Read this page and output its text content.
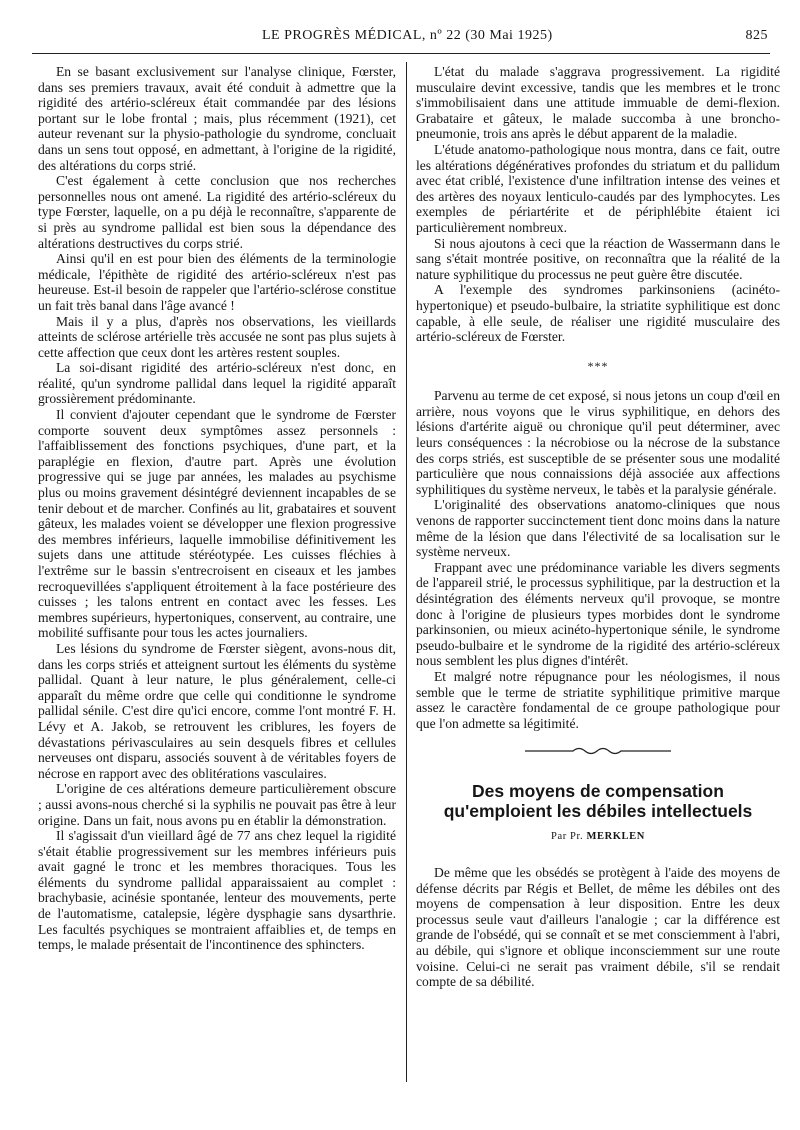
LE PROGRÈS MÉDICAL, nº 22 (30 Mai 1925)	825

En se basant exclusivement sur l'analyse clinique, Fœrster, dans ses premiers travaux, avait été conduit à admettre que la rigidité des artério-scléreux était commandée par des lésions portant sur le lobe frontal ; mais, plus récemment (1921), cet auteur revenant sur la physio-pathologie du syndrome, concluait dans un sens tout opposé, en admettant, à l'origine de la rigidité, des altérations du corps strié.

C'est également à cette conclusion que nos recherches personnelles nous ont amené. La rigidité des artério-scléreux du type Fœrster, laquelle, on a pu déjà le reconnaître, s'apparente de si près au syndrome pallidal est bien sous la dépendance des altérations destructives du corps strié.

Ainsi qu'il en est pour bien des éléments de la terminologie médicale, l'épithète de rigidité des artério-scléreux n'est pas heureuse. Est-il besoin de rappeler que l'artério-sclérose constitue un fait très banal dans l'âge avancé !

Mais il y a plus, d'après nos observations, les vieillards atteints de sclérose artérielle très accusée ne sont pas plus sujets à cette affection que ceux dont les artères restent souples.

La soi-disant rigidité des artério-scléreux n'est donc, en réalité, qu'un syndrome pallidal dans lequel la rigidité apparaît grossièrement prédominante.

Il convient d'ajouter cependant que le syndrome de Fœrster comporte souvent deux symptômes assez personnels : l'affaiblissement des fonctions psychiques, d'une part, et la paraplégie en flexion, d'autre part. Après une évolution progressive qui se juge par années, les malades au psychisme plus ou moins gravement désintégré deviennent incapables de se tenir debout et de marcher. Confinés au lit, grabataires et souvent gâteux, les malades voient se développer une flexion progressive des membres inférieurs, laquelle immobilise définitivement les sujets dans une attitude stéréotypée. Les cuisses fléchies à l'extrême sur le bassin s'entrecroisent en ciseaux et les jambes recroquevillées s'appliquent étroitement à la face postérieure des cuisses ; les talons entrent en contact avec les fesses. Les membres supérieurs, hypertoniques, conservent, au contraire, une mobilité suffisante pour tous les actes journaliers.

Les lésions du syndrome de Fœrster siègent, avons-nous dit, dans les corps striés et atteignent surtout les éléments du système pallidal. Quant à leur nature, le plus généralement, celle-ci apparaît du même ordre que celle qui conditionne le syndrome pallidal sénile. C'est dire qu'ici encore, comme l'ont montré F. H. Lévy et A. Jakob, se retrouvent les criblures, les foyers de dévastations périvasculaires au sein desquels fibres et cellules nerveuses ont disparu, associés souvent à de véritables foyers de nécrose en rapport avec des oblitérations vasculaires.

L'origine de ces altérations demeure particulièrement obscure ; aussi avons-nous cherché si la syphilis ne pouvait pas être à leur origine. Dans un fait, nous avons pu en établir la démonstration.

Il s'agissait d'un vieillard âgé de 77 ans chez lequel la rigidité s'était établie progressivement sur les membres inférieurs puis avait gagné le tronc et les membres thoraciques. Tous les éléments du syndrome pallidal apparaissaient au complet : brachybasie, acinésie spontanée, lenteur des mouvements, perte de l'automatisme, catalepsie, légère dysphagie sans dysarthrie. Les facultés psychiques se montraient affaiblies et, de temps en temps, le malade présentait de l'incontinence des sphincters.

L'état du malade s'aggrava progressivement. La rigidité musculaire devint excessive, tandis que les membres et le tronc s'immobilisaient dans une attitude immuable de demi-flexion. Grabataire et gâteux, le malade succomba à une broncho-pneumonie, trois ans après le début apparent de la maladie.

L'étude anatomo-pathologique nous montra, dans ce fait, outre les altérations dégénératives profondes du striatum et du pallidum avec état criblé, l'existence d'une infiltration intense des veines et des artères des noyaux lenticulo-caudés par des lymphocytes. Les exemples de périartérite et de périphlébite étaient ici particulièrement nombreux.

Si nous ajoutons à ceci que la réaction de Wassermann dans le sang s'était montrée positive, on reconnaîtra que la réalité de la nature syphilitique du processus ne peut guère être discutée.

A l'exemple des syndromes parkinsoniens (acinéto-hypertonique) et pseudo-bulbaire, la striatite syphilitique est donc capable, à elle seule, de réaliser une rigidité musculaire des artério-scléreux de Fœrster.

***

Parvenu au terme de cet exposé, si nous jetons un coup d'œil en arrière, nous voyons que le virus syphilitique, en dehors des lésions d'artérite aiguë ou chronique qu'il peut déterminer, avec leurs conséquences : la nécrobiose ou la nécrose de la substance des corps striés, est susceptible de se présenter sous une modalité particulière que nous connaissions déjà associée aux affections syphilitiques du système nerveux, le tabès et la paralysie générale.

L'originalité des observations anatomo-cliniques que nous venons de rapporter succinctement tient donc moins dans la nature même de la lésion que dans l'électivité de sa localisation sur le système nerveux.

Frappant avec une prédominance variable les divers segments de l'appareil strié, le processus syphilitique, par la destruction et la désintégration des éléments nerveux qu'il provoque, se montre donc à l'origine de plusieurs types morbides dont le syndrome parkinsonien, ou mieux acinéto-hypertonique sénile, le syndrome pseudo-bulbaire et le syndrome de la rigidité des artério-scléreux nous semblent les plus dignes d'intérêt.

Et malgré notre répugnance pour les néologismes, il nous semble que le terme de striatite syphilitique primitive marque assez le caractère fondamental de ce groupe pathologique pour que l'on admette sa légitimité.

Des moyens de compensation
qu'emploient les débiles intellectuels
Par Pr. MERKLEN

De même que les obsédés se protègent à l'aide des moyens de défense décrits par Régis et Bellet, de même les débiles ont des moyens de compensation à leur disposition. Entre les deux processus seule vaut d'ailleurs l'analogie ; car la différence est grande de l'obsédé, qui se connaît et se met consciemment à l'abri, au débile, qui s'ignore et oblique inconsciemment sur une route voisine. Celui-ci ne serait pas vraiment débile, s'il se rendait compte de sa débilité.
